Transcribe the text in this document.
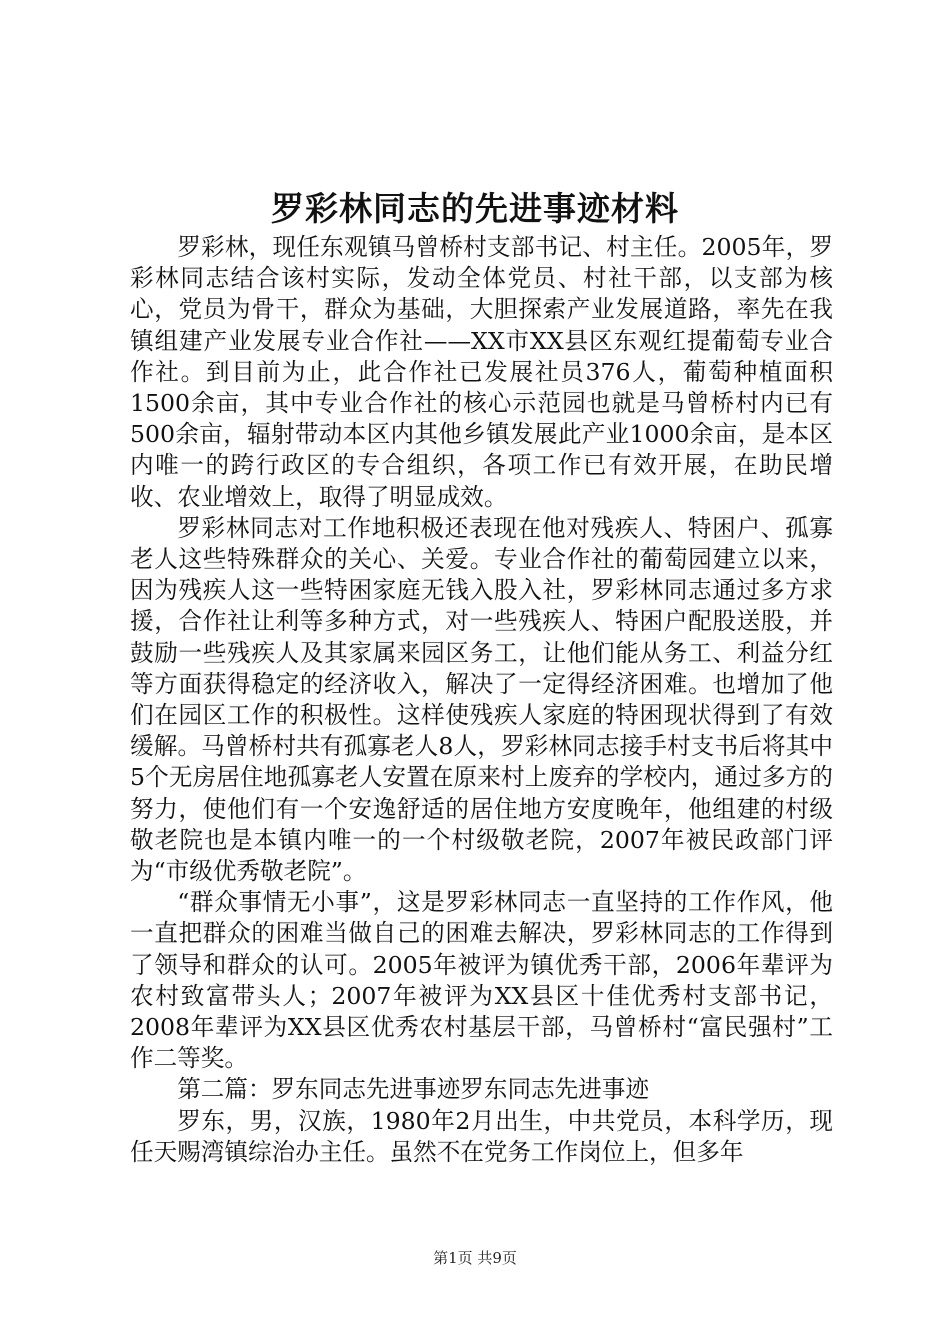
罗彩林同志的先进事迹材料

罗彩林，现任东观镇马曾桥村支部书记、村主任。2005年，罗彩林同志结合该村实际，发动全体党员、村社干部，以支部为核心，党员为骨干，群众为基础，大胆探索产业发展道路，率先在我镇组建产业发展专业合作社——XX市XX县区东观红提葡萄专业合作社。到目前为止，此合作社已发展社员376人，葡萄种植面积1500余亩，其中专业合作社的核心示范园也就是马曾桥村内已有500余亩，辐射带动本区内其他乡镇发展此产业1000余亩，是本区内唯一的跨行政区的专合组织，各项工作已有效开展，在助民增收、农业增效上，取得了明显成效。

罗彩林同志对工作地积极还表现在他对残疾人、特困户、孤寡老人这些特殊群众的关心、关爱。专业合作社的葡萄园建立以来，因为残疾人这一些特困家庭无钱入股入社，罗彩林同志通过多方求援，合作社让利等多种方式，对一些残疾人、特困户配股送股，并鼓励一些残疾人及其家属来园区务工，让他们能从务工、利益分红等方面获得稳定的经济收入，解决了一定得经济困难。也增加了他们在园区工作的积极性。这样使残疾人家庭的特困现状得到了有效缓解。马曾桥村共有孤寡老人8人，罗彩林同志接手村支书后将其中5个无房居住地孤寡老人安置在原来村上废弃的学校内，通过多方的努力，使他们有一个安逸舒适的居住地方安度晚年，他组建的村级敬老院也是本镇内唯一的一个村级敬老院，2007年被民政部门评为“市级优秀敬老院”。

“群众事情无小事”，这是罗彩林同志一直坚持的工作作风，他一直把群众的困难当做自己的困难去解决，罗彩林同志的工作得到了领导和群众的认可。2005年被评为镇优秀干部，2006年辈评为农村致富带头人；2007年被评为XX县区十佳优秀村支部书记，2008年辈评为XX县区优秀农村基层干部，马曾桥村“富民强村”工作二等奖。

第二篇：罗东同志先进事迹罗东同志先进事迹

罗东，男，汉族，1980年2月出生，中共党员，本科学历，现任天赐湾镇综治办主任。虽然不在党务工作岗位上，但多年

第1页 共9页
